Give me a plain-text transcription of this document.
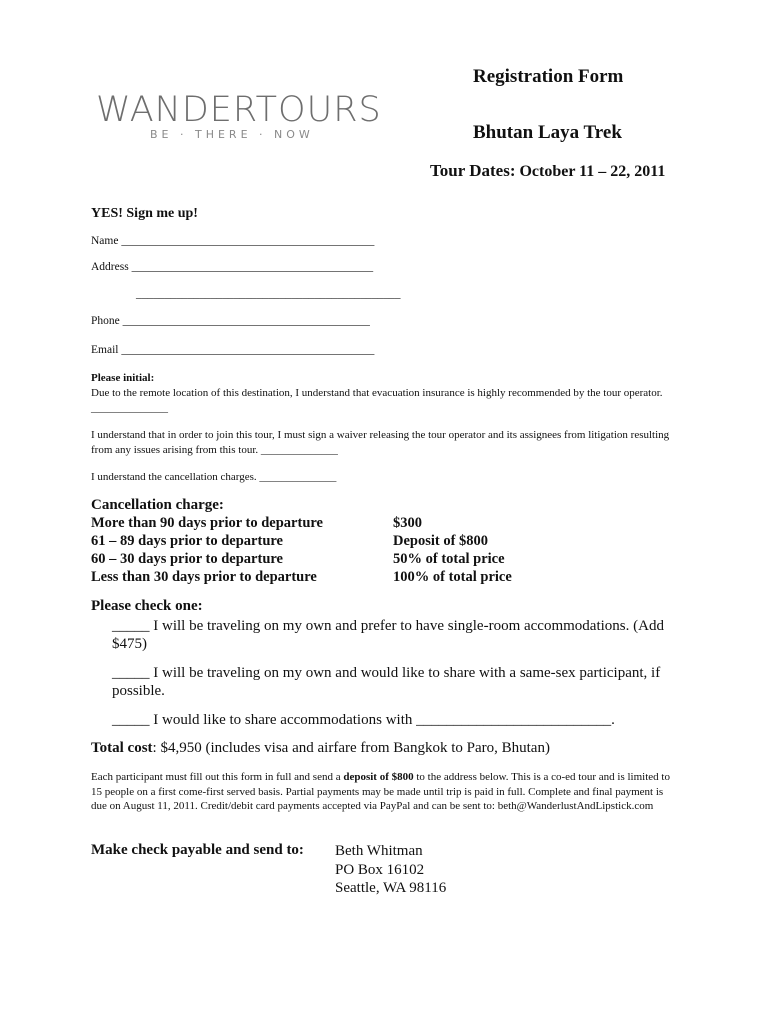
WANDERTOURS
BE · THERE · NOW
Registration Form
Bhutan Laya Trek
Tour Dates: October 11 – 22, 2011
YES! Sign me up!
Name ____________________________________________
Address __________________________________________
______________________________________________
Phone ___________________________________________
Email ____________________________________________
Please initial:
Due to the remote location of this destination, I understand that evacuation insurance is highly recommended by the tour operator. ______________
I understand that in order to join this tour, I must sign a waiver releasing the tour operator and its assignees from litigation resulting from any issues arising from this tour. ______________
I understand the cancellation charges. ______________
Cancellation charge:
More than 90 days prior to departure	$300
61 – 89 days prior to departure	Deposit of $800
60 – 30 days prior to departure	50% of total price
Less than 30 days prior to departure	100% of total price
Please check one:
_____ I will be traveling on my own and prefer to have single-room accommodations. (Add $475)
_____ I will be traveling on my own and would like to share with a same-sex participant, if possible.
_____ I would like to share accommodations with __________________________.
Total cost: $4,950 (includes visa and airfare from Bangkok to Paro, Bhutan)
Each participant must fill out this form in full and send a deposit of $800 to the address below. This is a co-ed tour and is limited to 15 people on a first come-first served basis. Partial payments may be made until trip is paid in full. Complete and final payment is due on August 11, 2011. Credit/debit card payments accepted via PayPal and can be sent to: beth@WanderlustAndLipstick.com
Make check payable and send to: Beth Whitman
PO Box 16102
Seattle, WA 98116
